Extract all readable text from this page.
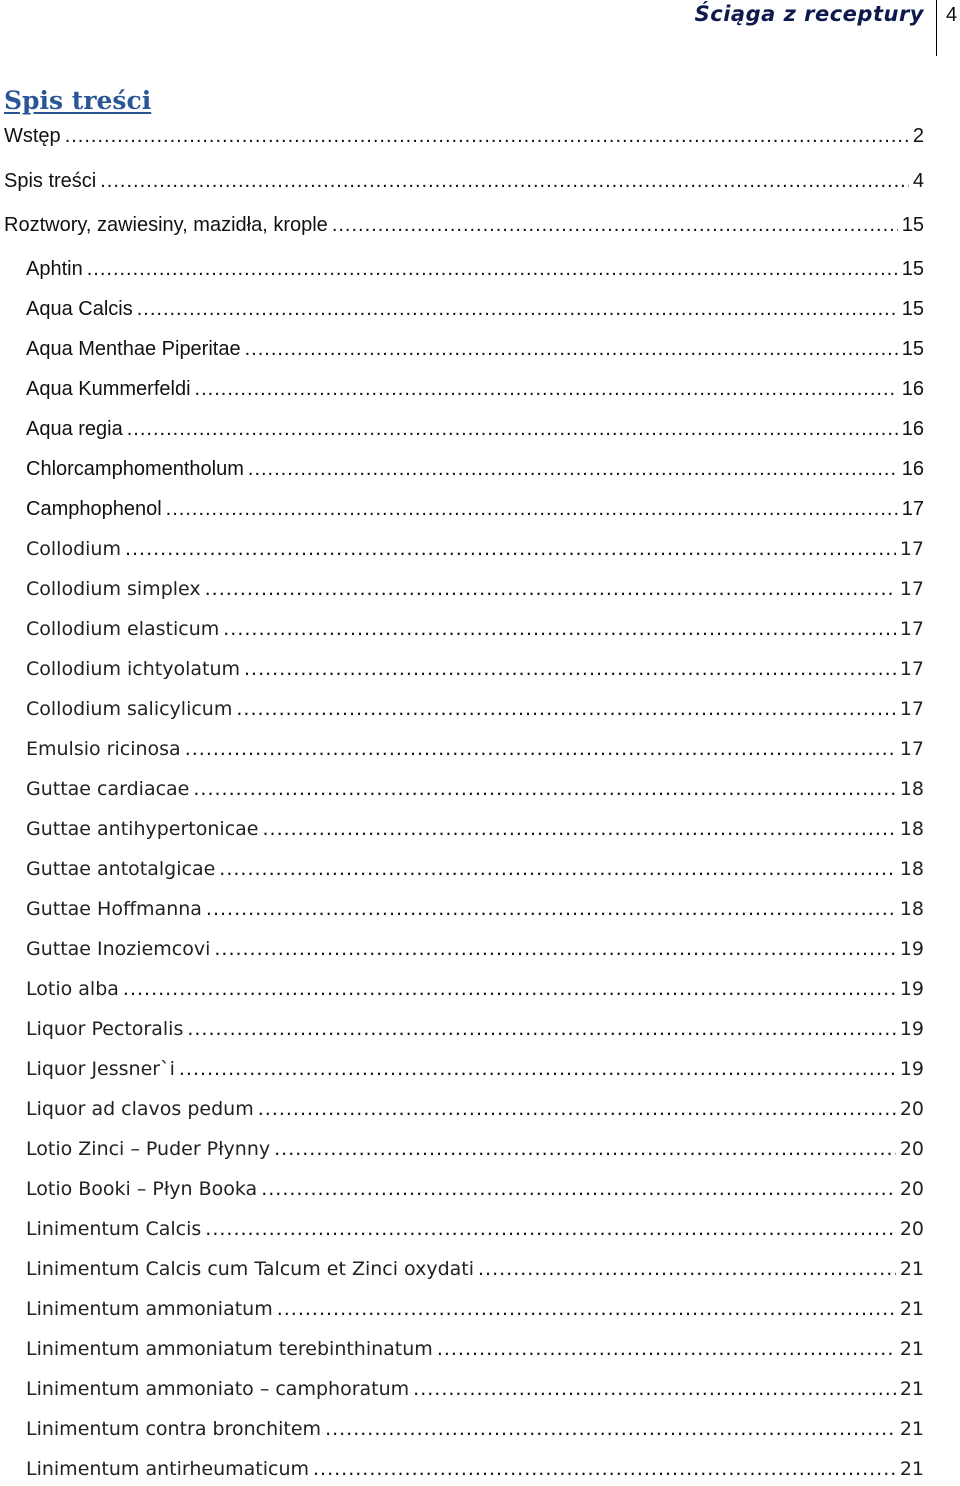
Ściąga z receptury 4
Spis treści
Wstęp .....	2
Spis treści .....	4
Roztwory, zawiesiny, mazidła, krople .....	15
Aphtin .....	15
Aqua Calcis .....	15
Aqua Menthae Piperitae .....	15
Aqua Kummerfeldi .....	16
Aqua regia .....	16
Chlorcamphomentholum .....	16
Camphophenol .....	17
Collodium .....	17
Collodium simplex .....	17
Collodium elasticum .....	17
Collodium ichtyolatum .....	17
Collodium salicylicum .....	17
Emulsio ricinosa .....	17
Guttae cardiacae .....	18
Guttae antihypertonicae .....	18
Guttae antotalgicae .....	18
Guttae Hoffmanna .....	18
Guttae Inoziemcovi .....	19
Lotio alba .....	19
Liquor Pectoralis .....	19
Liquor Jessner`i .....	19
Liquor ad clavos pedum .....	20
Lotio Zinci – Puder Płynny .....	20
Lotio Booki – Płyn Booka .....	20
Linimentum Calcis .....	20
Linimentum Calcis cum Talcum et Zinci oxydati .....	21
Linimentum ammoniatum .....	21
Linimentum ammoniatum terebinthinatum .....	21
Linimentum ammoniato – camphoratum .....	21
Linimentum contra bronchitem .....	21
Linimentum antirheumaticum .....	21
